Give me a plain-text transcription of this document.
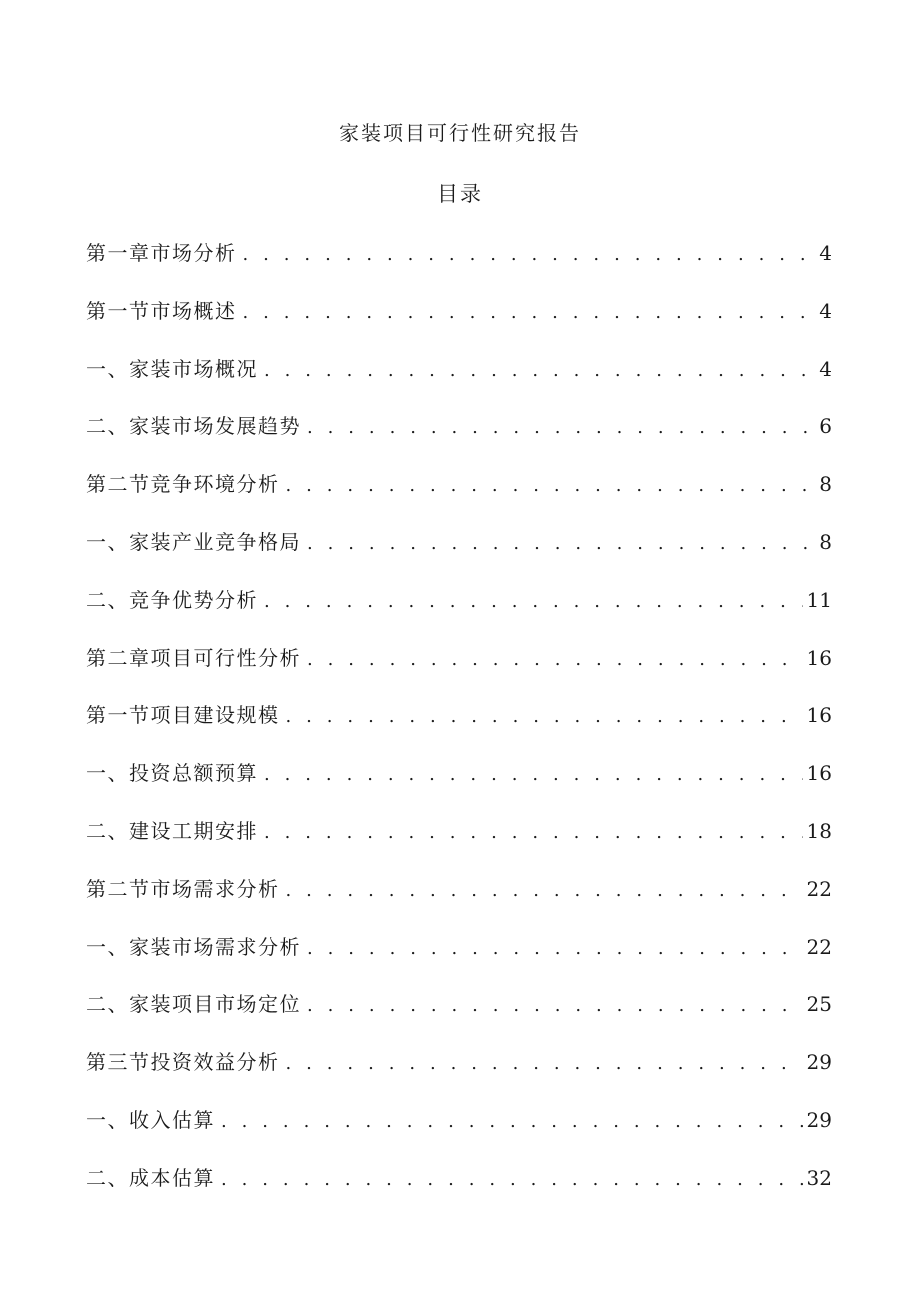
家装项目可行性研究报告
目录
第一章市场分析 . . .	4
第一节市场概述 . . .	4
一、家装市场概况 . . .	4
二、家装市场发展趋势 . . .	6
第二节竞争环境分析 . . .	8
一、家装产业竞争格局 . . .	8
二、竞争优势分析 . . .	11
第二章项目可行性分析 . . .	16
第一节项目建设规模 . . .	16
一、投资总额预算 . . .	16
二、建设工期安排 . . .	18
第二节市场需求分析 . . .	22
一、家装市场需求分析 . . .	22
二、家装项目市场定位 . . .	25
第三节投资效益分析 . . .	29
一、收入估算 . . .	29
二、成本估算 . . .	32
